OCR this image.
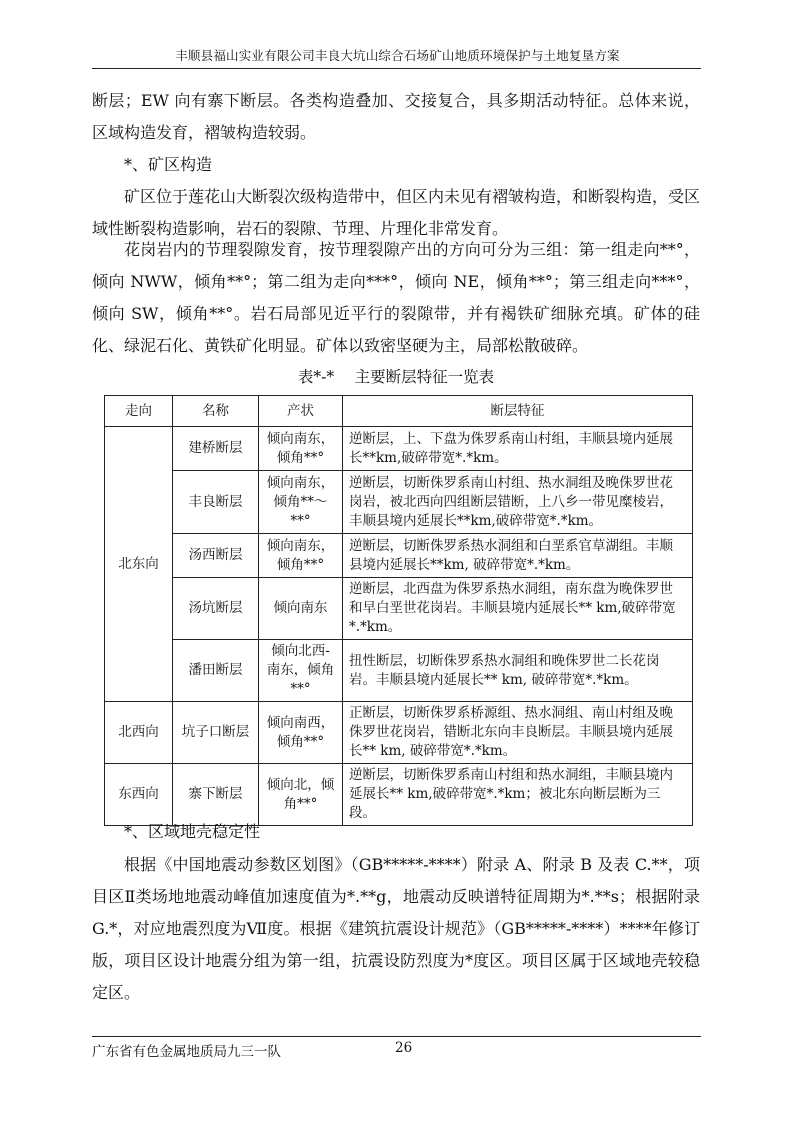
丰顺县福山实业有限公司丰良大坑山综合石场矿山地质环境保护与土地复垦方案

断层；EW 向有寨下断层。各类构造叠加、交接复合，具多期活动特征。总体来说，区域构造发育，褶皱构造较弱。

*、矿区构造

矿区位于莲花山大断裂次级构造带中，但区内未见有褶皱构造，和断裂构造，受区域性断裂构造影响，岩石的裂隙、节理、片理化非常发育。

花岗岩内的节理裂隙发育，按节理裂隙产出的方向可分为三组：第一组走向**°，倾向 NWW，倾角**°；第二组为走向***°，倾向 NE，倾角**°；第三组走向***°，倾向 SW，倾角**°。岩石局部见近平行的裂隙带，并有褐铁矿细脉充填。矿体的硅化、绿泥石化、黄铁矿化明显。矿体以致密坚硬为主，局部松散破碎。

表*-*　 主要断层特征一览表
走向	名称	产状	断层特征
北东向	建桥断层	倾向南东，倾角**°	逆断层，上、下盘为侏罗系南山村组，丰顺县境内延展长**km,破碎带宽*.*km。
	丰良断层	倾向南东，倾角**～**°	逆断层，切断侏罗系南山村组、热水洞组及晚侏罗世花岗岩，被北西向四组断层错断，上八乡一带见糜棱岩，丰顺县境内延展长**km,破碎带宽*.*km。
	汤西断层	倾向南东，倾角**°	逆断层，切断侏罗系热水洞组和白垩系官草湖组。丰顺县境内延展长**km, 破碎带宽*.*km。
	汤坑断层	倾向南东	逆断层，北西盘为侏罗系热水洞组，南东盘为晚侏罗世和早白垩世花岗岩。丰顺县境内延展长** km,破碎带宽*.*km。
	潘田断层	倾向北西-南东，倾角**°	扭性断层，切断侏罗系热水洞组和晚侏罗世二长花岗岩。丰顺县境内延展长** km, 破碎带宽*.*km。
北西向	坑子口断层	倾向南西，倾角**°	正断层，切断侏罗系桥源组、热水洞组、南山村组及晚侏罗世花岗岩，错断北东向丰良断层。丰顺县境内延展长** km, 破碎带宽*.*km。
东西向	寨下断层	倾向北，倾角**°	逆断层，切断侏罗系南山村组和热水洞组，丰顺县境内延展长** km,破碎带宽*.*km；被北东向断层断为三段。

*、区域地壳稳定性

根据《中国地震动参数区划图》（GB*****-****）附录 A、附录 B 及表 C.**，项目区Ⅱ类场地地震动峰值加速度值为*.**g，地震动反映谱特征周期为*.**s；根据附录G.*，对应地震烈度为Ⅶ度。根据《建筑抗震设计规范》（GB*****-****）****年修订版，项目区设计地震分组为第一组，抗震设防烈度为*度区。项目区属于区域地壳较稳定区。

广东省有色金属地质局九三一队	26
